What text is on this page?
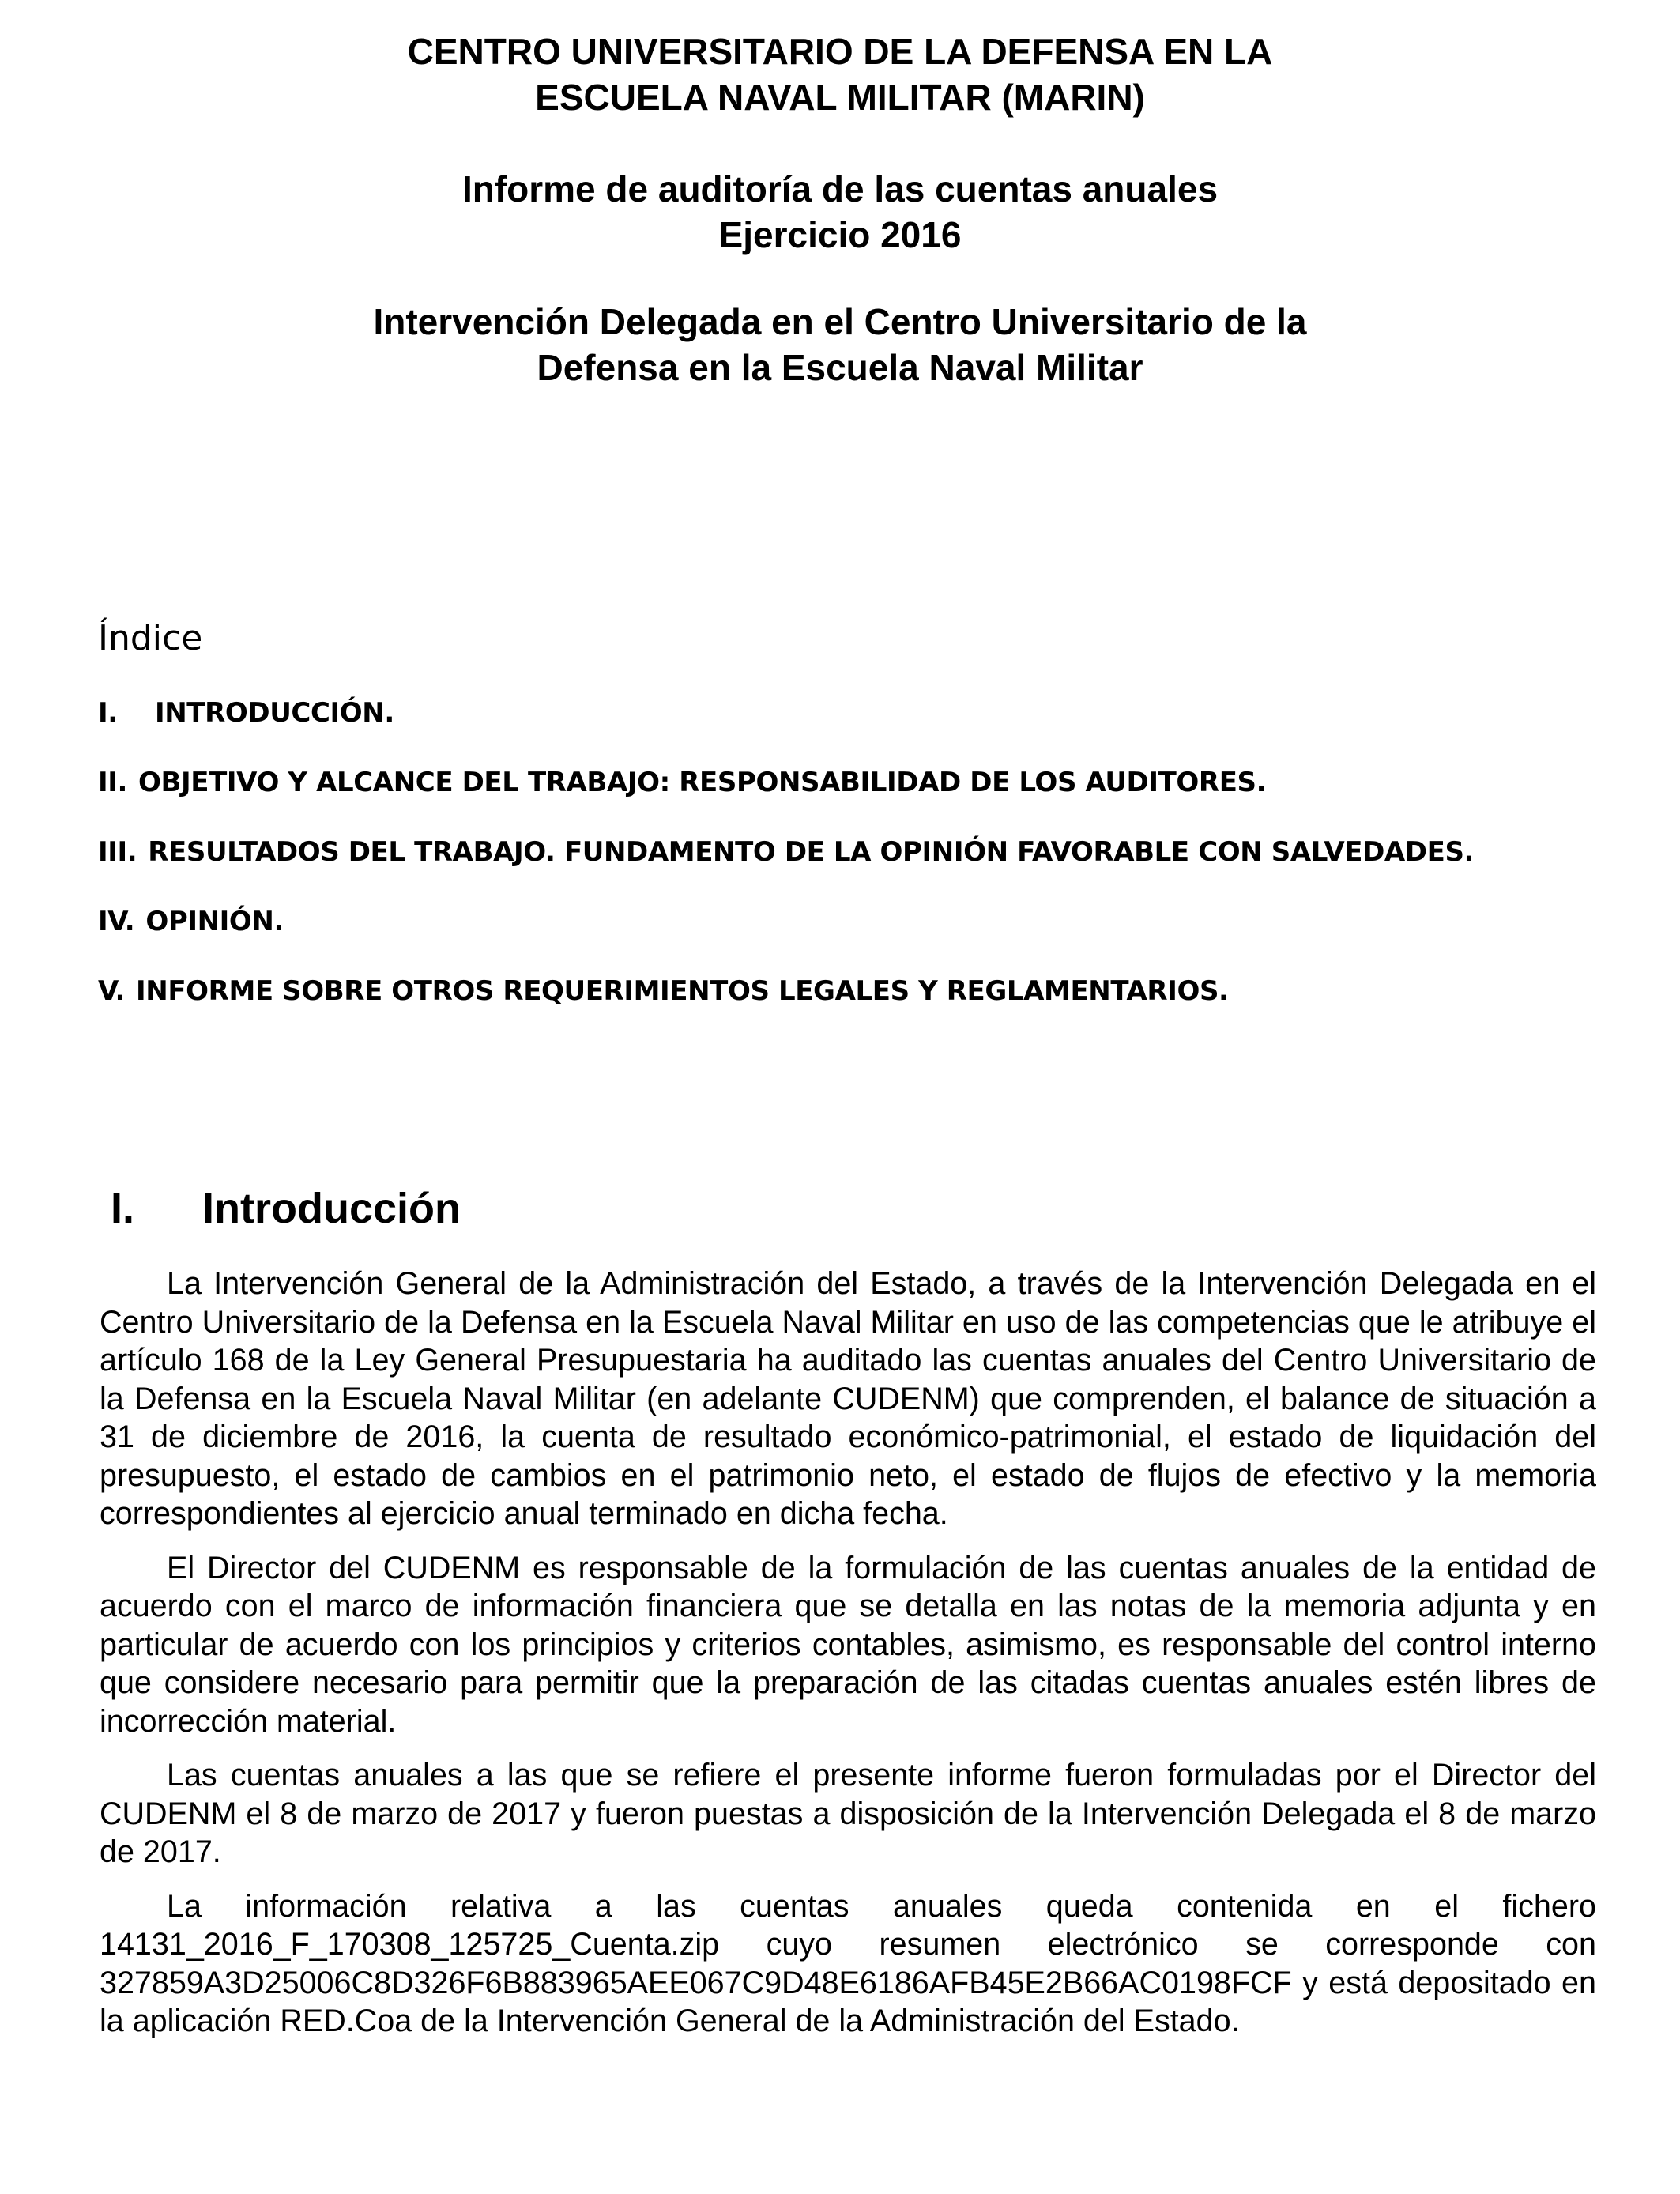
CENTRO UNIVERSITARIO DE LA DEFENSA EN LA
ESCUELA NAVAL MILITAR (MARIN)
Informe de auditoría de las cuentas anuales
Ejercicio 2016
Intervención Delegada en el Centro Universitario de la
Defensa en la Escuela Naval Militar
Índice
I. INTRODUCCIÓN.
II. OBJETIVO Y ALCANCE DEL TRABAJO: RESPONSABILIDAD DE LOS AUDITORES.
III. RESULTADOS DEL TRABAJO. FUNDAMENTO DE LA OPINIÓN FAVORABLE CON SALVEDADES.
IV. OPINIÓN.
V. INFORME SOBRE OTROS REQUERIMIENTOS LEGALES Y REGLAMENTARIOS.
I. Introducción

La Intervención General de la Administración del Estado, a través de la Intervención Delegada en el Centro Universitario de la Defensa en la Escuela Naval Militar en uso de las competencias que le atribuye el artículo 168 de la Ley General Presupuestaria ha auditado las cuentas anuales del Centro Universitario de la Defensa en la Escuela Naval Militar (en adelante CUDENM) que comprenden, el balance de situación a 31 de diciembre de 2016, la cuenta de resultado económico-patrimonial, el estado de liquidación del presupuesto, el estado de cambios en el patrimonio neto, el estado de flujos de efectivo y la memoria correspondientes al ejercicio anual terminado en dicha fecha.

El Director del CUDENM es responsable de la formulación de las cuentas anuales de la entidad de acuerdo con el marco de información financiera que se detalla en las notas de la memoria adjunta y en particular de acuerdo con los principios y criterios contables, asimismo, es responsable del control interno que considere necesario para permitir que la preparación de las citadas cuentas anuales estén libres de incorrección material.

Las cuentas anuales a las que se refiere el presente informe fueron formuladas por el Director del CUDENM el 8 de marzo de 2017 y fueron puestas a disposición de la Intervención Delegada el 8 de marzo de 2017.

La información relativa a las cuentas anuales queda contenida en el fichero 14131_2016_F_170308_125725_Cuenta.zip cuyo resumen electrónico se corresponde con 327859A3D25006C8D326F6B883965AEE067C9D48E6186AFB45E2B66AC0198FCF y está depositado en la aplicación RED.Coa de la Intervención General de la Administración del Estado.
